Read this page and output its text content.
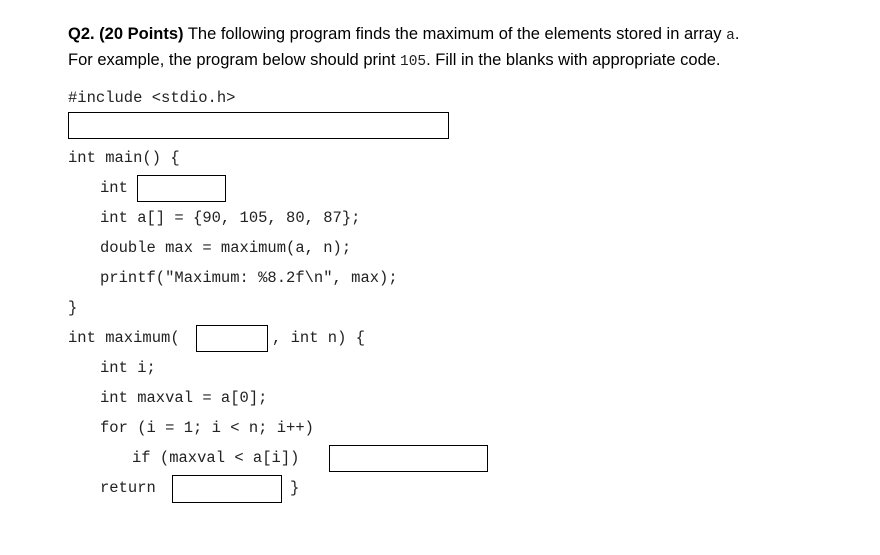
Q2. (20 Points) The following program finds the maximum of the elements stored in array a.
For example, the program below should print 105. Fill in the blanks with appropriate code.
#include <stdio.h>
int main() {
int
int a[] = {90, 105, 80, 87};
double max = maximum(a, n);
printf("Maximum: %8.2f\n", max);
}
int maximum(	, int n) {
int i;
int maxval = a[0];
for (i = 1; i < n; i++)
if (maxval < a[i])
return	}
